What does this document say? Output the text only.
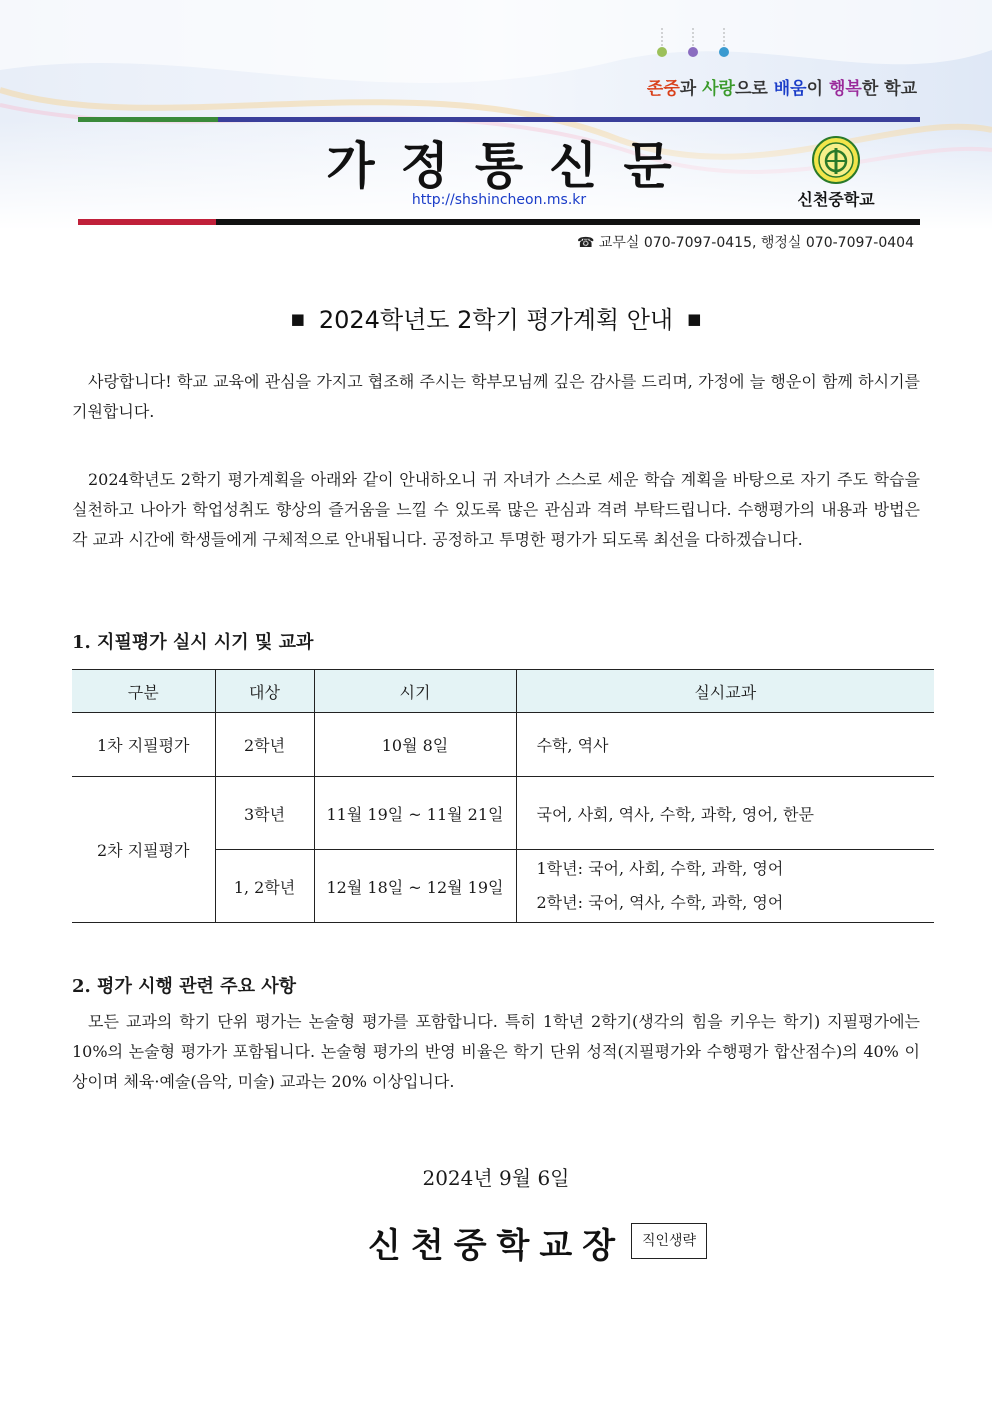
존중과 사랑으로 배움이 행복한 학교
가정통신문
http://shshincheon.ms.kr	신천중학교
☎ 교무실 070-7097-0415, 행정실 070-7097-0404
■ 2024학년도 2학기 평가계획 안내 ■
사랑합니다! 학교 교육에 관심을 가지고 협조해 주시는 학부모님께 깊은 감사를 드리며, 가정에 늘 행운이 함께 하시기를 기원합니다.
2024학년도 2학기 평가계획을 아래와 같이 안내하오니 귀 자녀가 스스로 세운 학습 계획을 바탕으로 자기 주도 학습을 실천하고 나아가 학업성취도 향상의 즐거움을 느낄 수 있도록 많은 관심과 격려 부탁드립니다. 수행평가의 내용과 방법은 각 교과 시간에 학생들에게 구체적으로 안내됩니다. 공정하고 투명한 평가가 되도록 최선을 다하겠습니다.
1. 지필평가 실시 시기 및 교과
구분	대상	시기	실시교과
1차 지필평가	2학년	10월 8일	수학, 역사
2차 지필평가	3학년	11월 19일 ~ 11월 21일	국어, 사회, 역사, 수학, 과학, 영어, 한문
	1, 2학년	12월 18일 ~ 12월 19일	1학년: 국어, 사회, 수학, 과학, 영어
2학년: 국어, 역사, 수학, 과학, 영어
2. 평가 시행 관련 주요 사항
모든 교과의 학기 단위 평가는 논술형 평가를 포함합니다. 특히 1학년 2학기(생각의 힘을 키우는 학기) 지필평가에는 10%의 논술형 평가가 포함됩니다. 논술형 평가의 반영 비율은 학기 단위 성적(지필평가와 수행평가 합산점수)의 40% 이상이며 체육·예술(음악, 미술) 교과는 20% 이상입니다.
2024년 9월 6일
신천중학교장	직인생략
